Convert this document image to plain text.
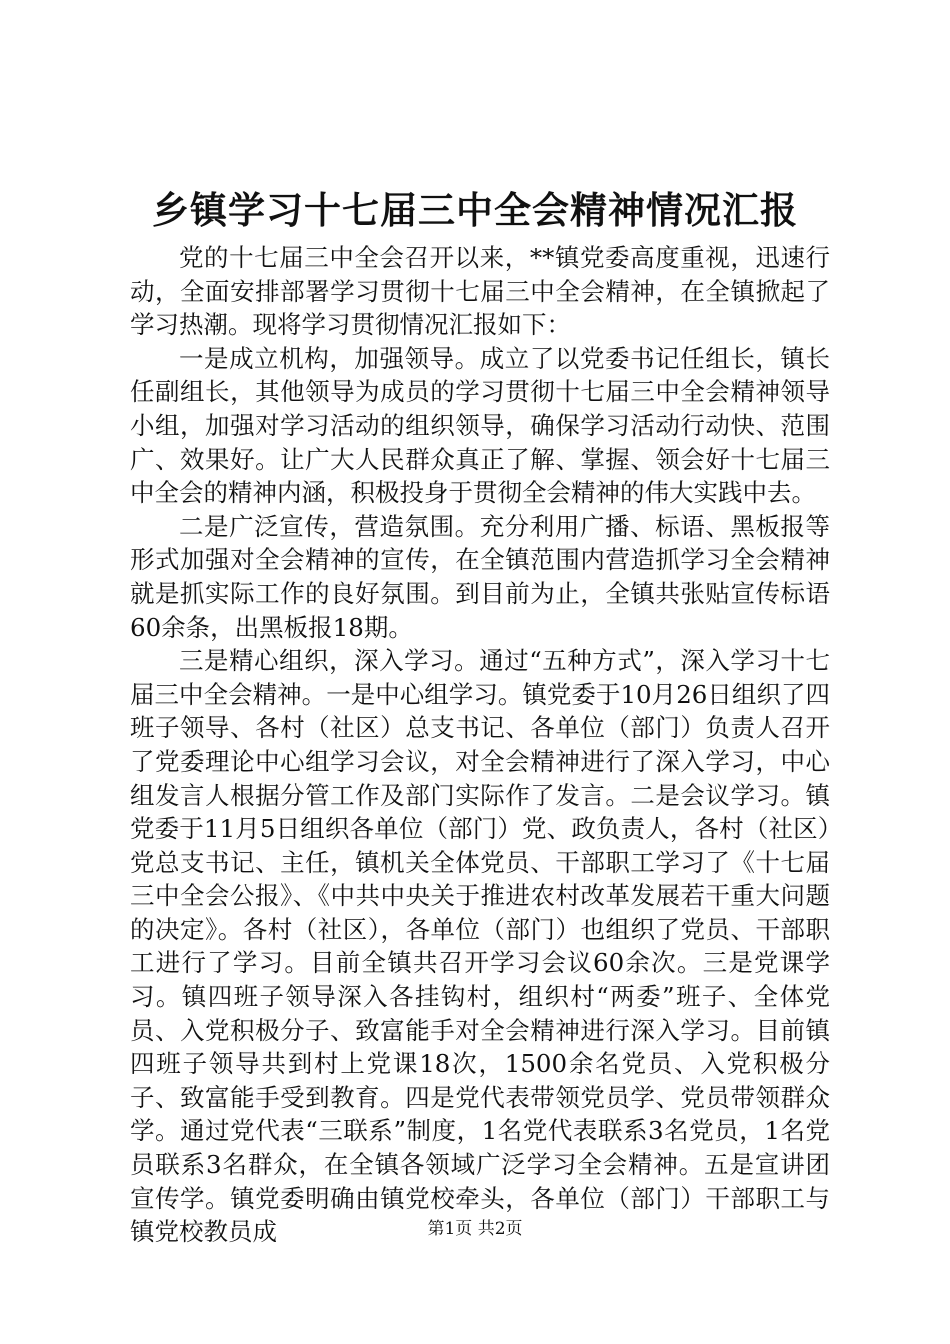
乡镇学习十七届三中全会精神情况汇报

党的十七届三中全会召开以来，**镇党委高度重视，迅速行动，全面安排部署学习贯彻十七届三中全会精神，在全镇掀起了学习热潮。现将学习贯彻情况汇报如下：

一是成立机构，加强领导。成立了以党委书记任组长，镇长任副组长，其他领导为成员的学习贯彻十七届三中全会精神领导小组，加强对学习活动的组织领导，确保学习活动行动快、范围广、效果好。让广大人民群众真正了解、掌握、领会好十七届三中全会的精神内涵，积极投身于贯彻全会精神的伟大实践中去。

二是广泛宣传，营造氛围。充分利用广播、标语、黑板报等形式加强对全会精神的宣传，在全镇范围内营造抓学习全会精神就是抓实际工作的良好氛围。到目前为止，全镇共张贴宣传标语60余条，出黑板报18期。

三是精心组织，深入学习。通过“五种方式”，深入学习十七届三中全会精神。一是中心组学习。镇党委于10月26日组织了四班子领导、各村（社区）总支书记、各单位（部门）负责人召开了党委理论中心组学习会议，对全会精神进行了深入学习，中心组发言人根据分管工作及部门实际作了发言。二是会议学习。镇党委于11月5日组织各单位（部门）党、政负责人，各村（社区）党总支书记、主任，镇机关全体党员、干部职工学习了《十七届三中全会公报》、《中共中央关于推进农村改革发展若干重大问题的决定》。各村（社区），各单位（部门）也组织了党员、干部职工进行了学习。目前全镇共召开学习会议60余次。三是党课学习。镇四班子领导深入各挂钩村，组织村“两委”班子、全体党员、入党积极分子、致富能手对全会精神进行深入学习。目前镇四班子领导共到村上党课18次，1500余名党员、入党积极分子、致富能手受到教育。四是党代表带领党员学、党员带领群众学。通过党代表“三联系”制度，1名党代表联系3名党员，1名党员联系3名群众，在全镇各领域广泛学习全会精神。五是宣讲团宣传学。镇党委明确由镇党校牵头，各单位（部门）干部职工与镇党校教员成	第1页 共2页
